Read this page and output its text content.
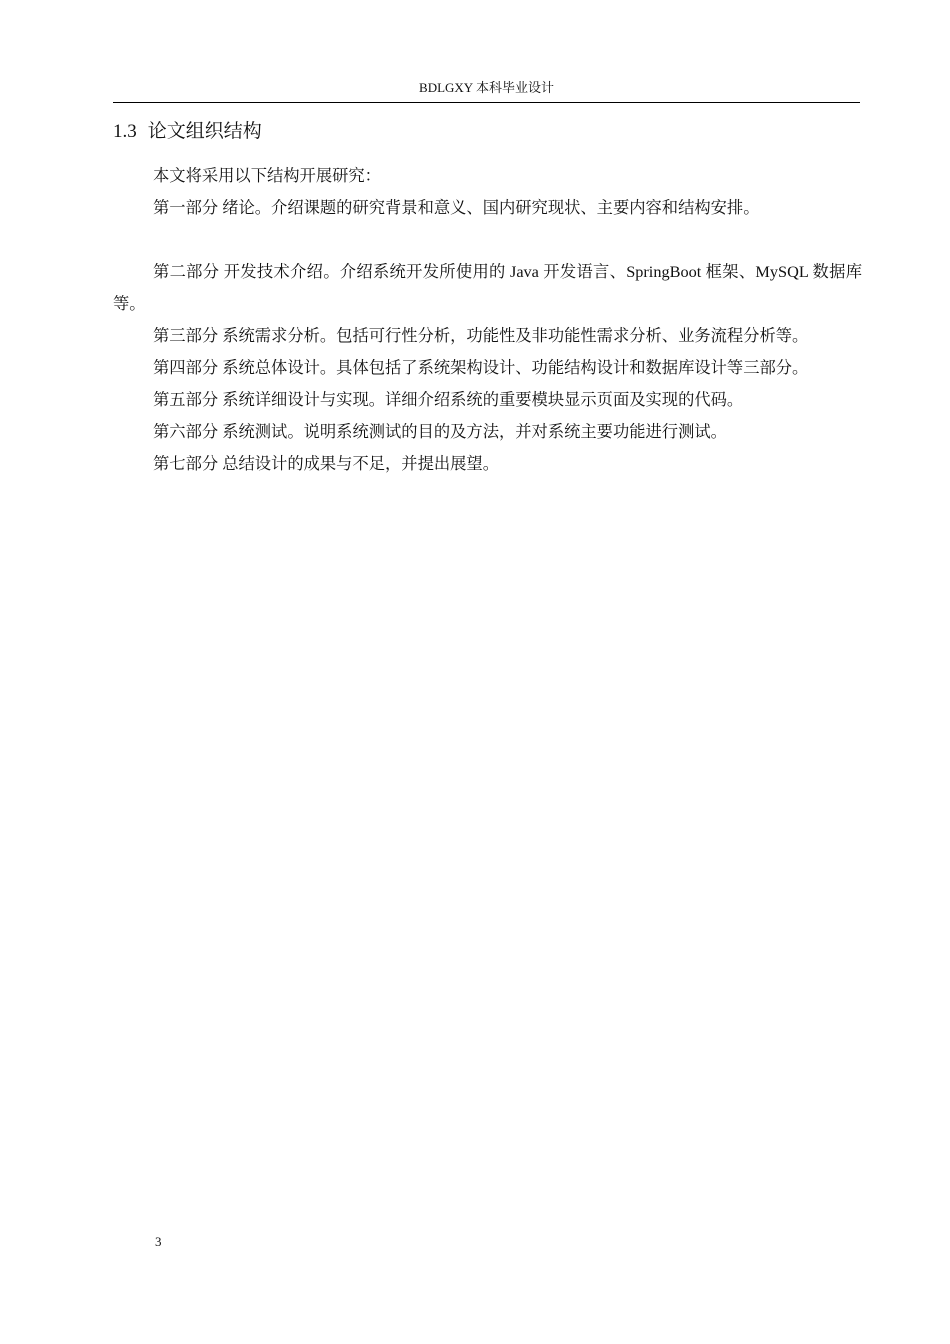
BDLGXY 本科毕业设计
1.3 论文组织结构

本文将采用以下结构开展研究：

第一部分 绪论。介绍课题的研究背景和意义、国内研究现状、主要内容和结构安排。

第二部分 开发技术介绍。介绍系统开发所使用的 Java 开发语言、SpringBoot 框架、MySQL 数据库等。

第三部分 系统需求分析。包括可行性分析，功能性及非功能性需求分析、业务流程分析等。

第四部分 系统总体设计。具体包括了系统架构设计、功能结构设计和数据库设计等三部分。

第五部分 系统详细设计与实现。详细介绍系统的重要模块显示页面及实现的代码。

第六部分 系统测试。说明系统测试的目的及方法，并对系统主要功能进行测试。

第七部分 总结设计的成果与不足，并提出展望。

3
